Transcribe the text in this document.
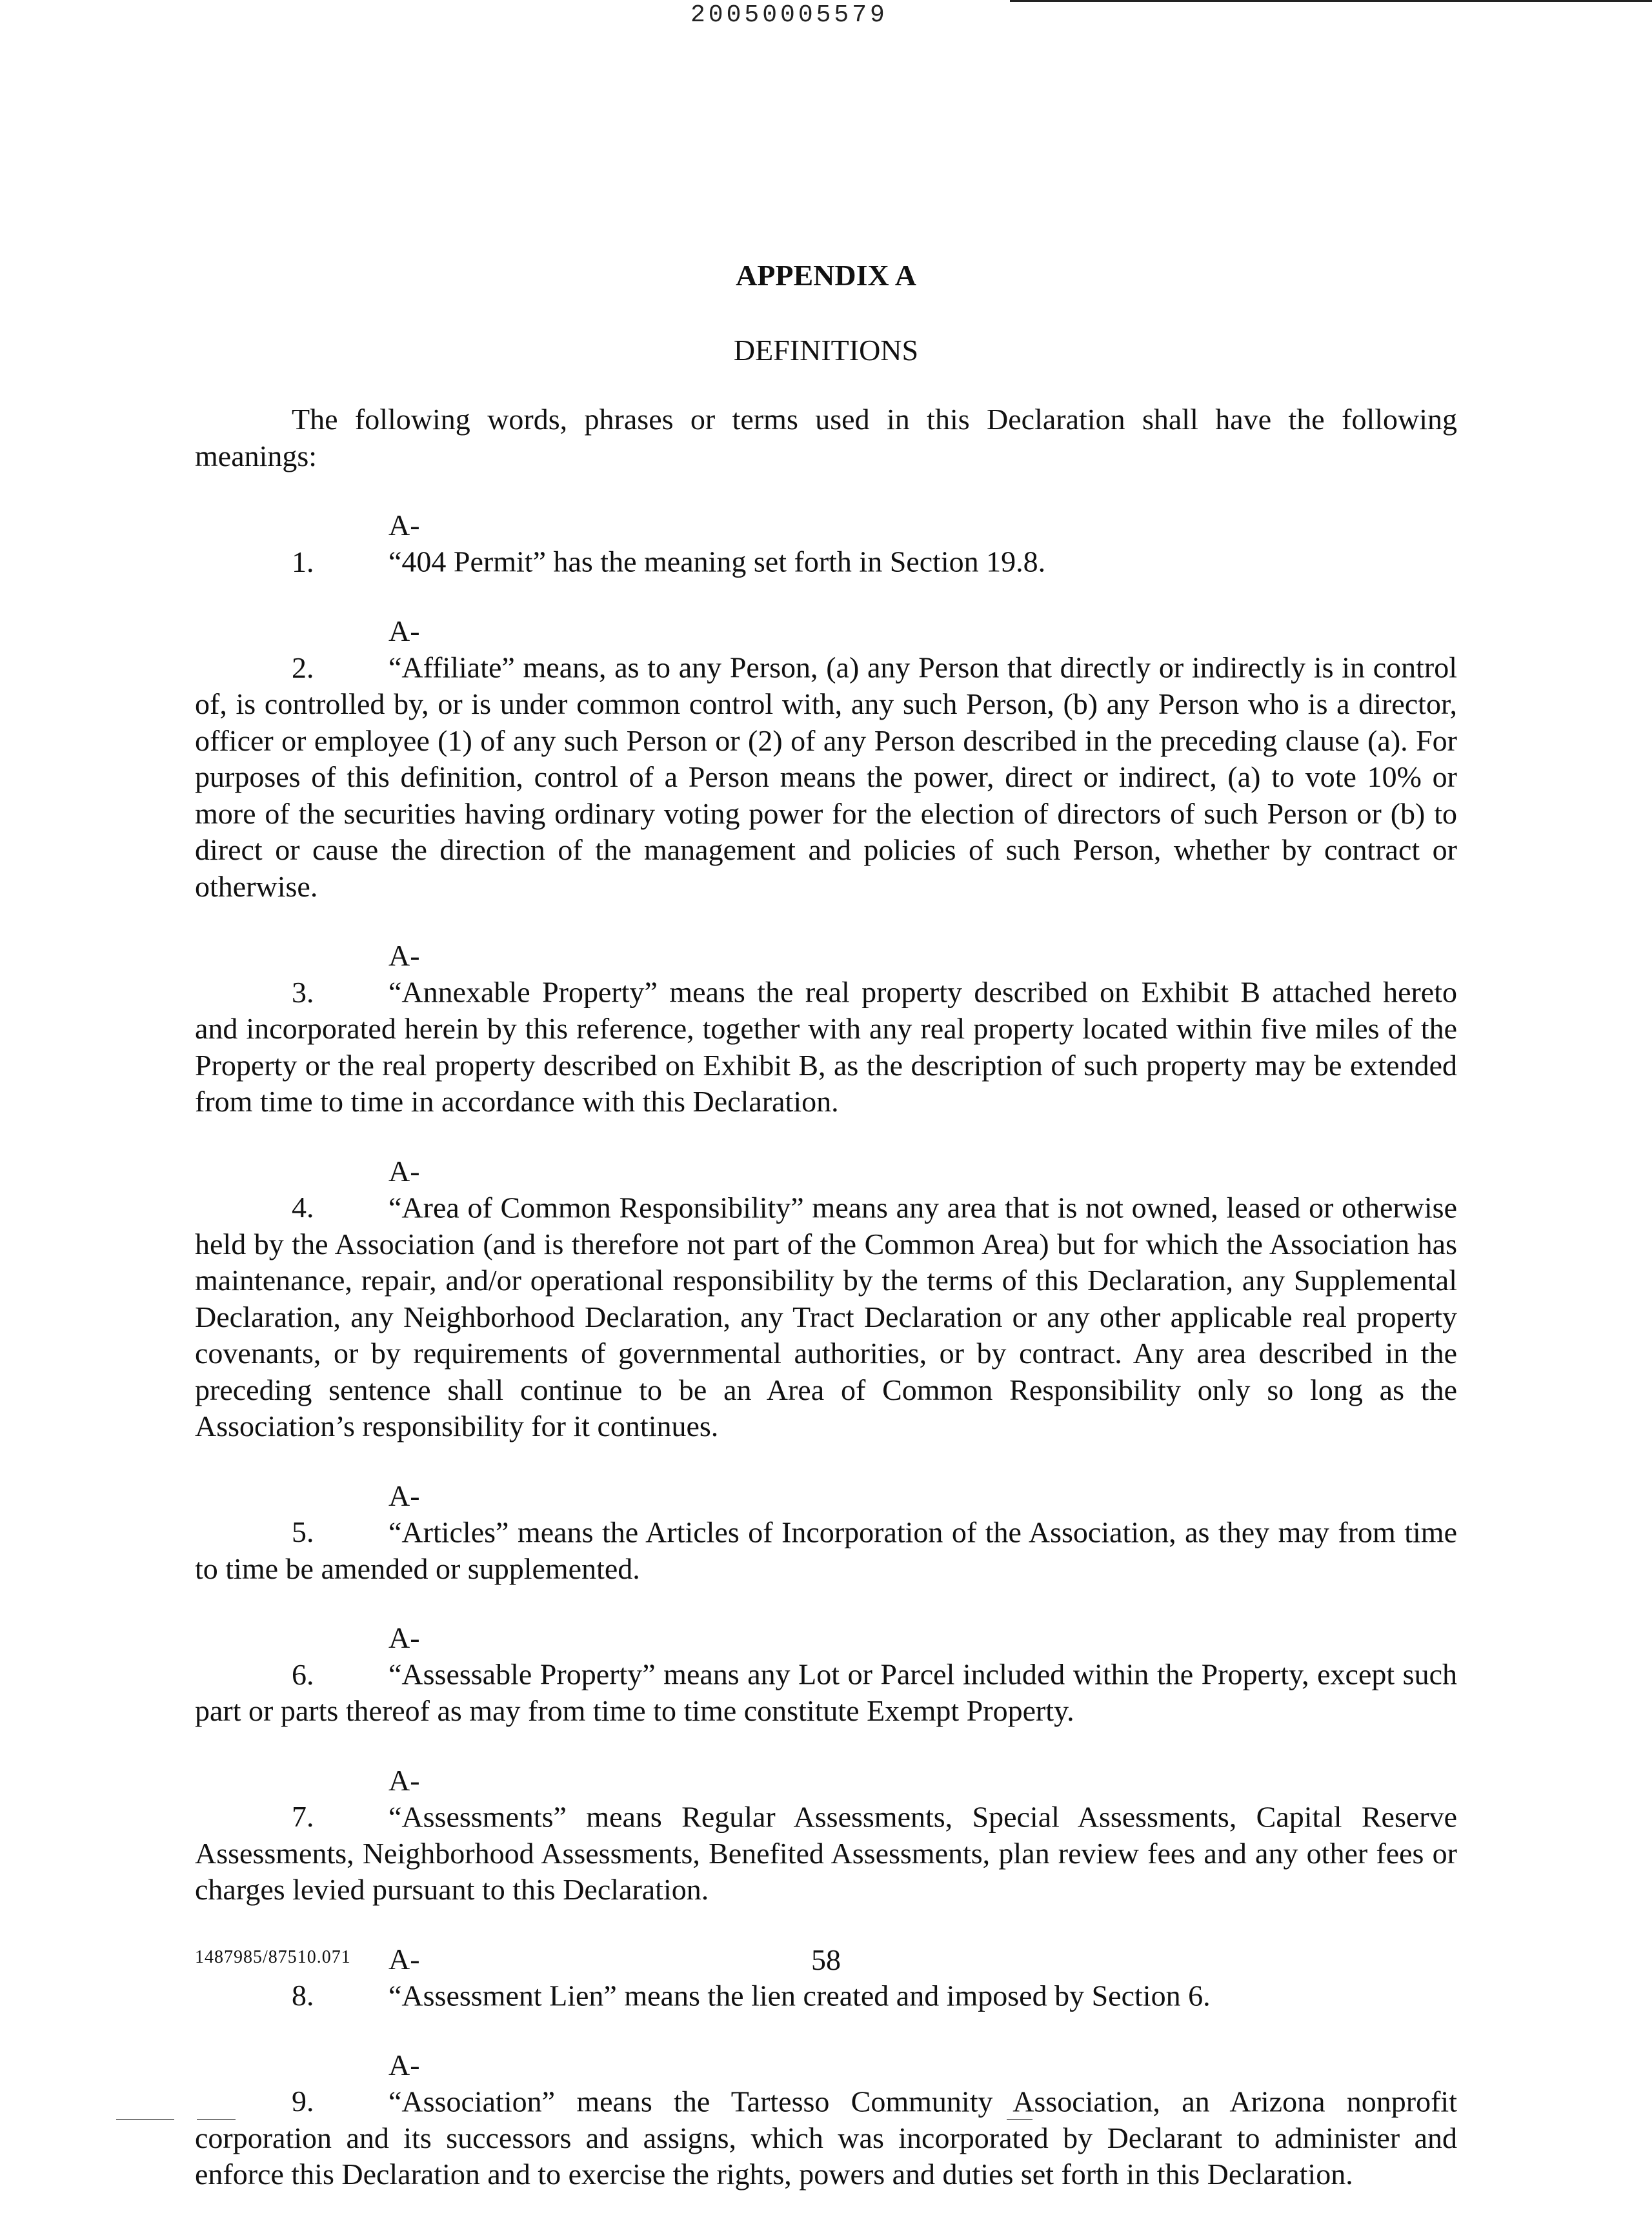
20050005579
APPENDIX A
DEFINITIONS

The following words, phrases or terms used in this Declaration shall have the following meanings:

A-1.	“404 Permit” has the meaning set forth in Section 19.8.

A-2.	“Affiliate” means, as to any Person, (a) any Person that directly or indirectly is in control of, is controlled by, or is under common control with, any such Person, (b) any Person who is a director, officer or employee (1) of any such Person or (2) of any Person described in the preceding clause (a). For purposes of this definition, control of a Person means the power, direct or indirect, (a) to vote 10% or more of the securities having ordinary voting power for the election of directors of such Person or (b) to direct or cause the direction of the management and policies of such Person, whether by contract or otherwise.

A-3.	“Annexable Property” means the real property described on Exhibit B attached hereto and incorporated herein by this reference, together with any real property located within five miles of the Property or the real property described on Exhibit B, as the description of such property may be extended from time to time in accordance with this Declaration.

A-4.	“Area of Common Responsibility” means any area that is not owned, leased or otherwise held by the Association (and is therefore not part of the Common Area) but for which the Association has maintenance, repair, and/or operational responsibility by the terms of this Declaration, any Supplemental Declaration, any Neighborhood Declaration, any Tract Declaration or any other applicable real property covenants, or by requirements of governmental authorities, or by contract. Any area described in the preceding sentence shall continue to be an Area of Common Responsibility only so long as the Association’s responsibility for it continues.

A-5.	“Articles” means the Articles of Incorporation of the Association, as they may from time to time be amended or supplemented.

A-6.	“Assessable Property” means any Lot or Parcel included within the Property, except such part or parts thereof as may from time to time constitute Exempt Property.

A-7.	“Assessments” means Regular Assessments, Special Assessments, Capital Reserve Assessments, Neighborhood Assessments, Benefited Assessments, plan review fees and any other fees or charges levied pursuant to this Declaration.

A-8.	“Assessment Lien” means the lien created and imposed by Section 6.

A-9.	“Association” means the Tartesso Community Association, an Arizona nonprofit corporation and its successors and assigns, which was incorporated by Declarant to administer and enforce this Declaration and to exercise the rights, powers and duties set forth in this Declaration.

1487985/87510.071	58
